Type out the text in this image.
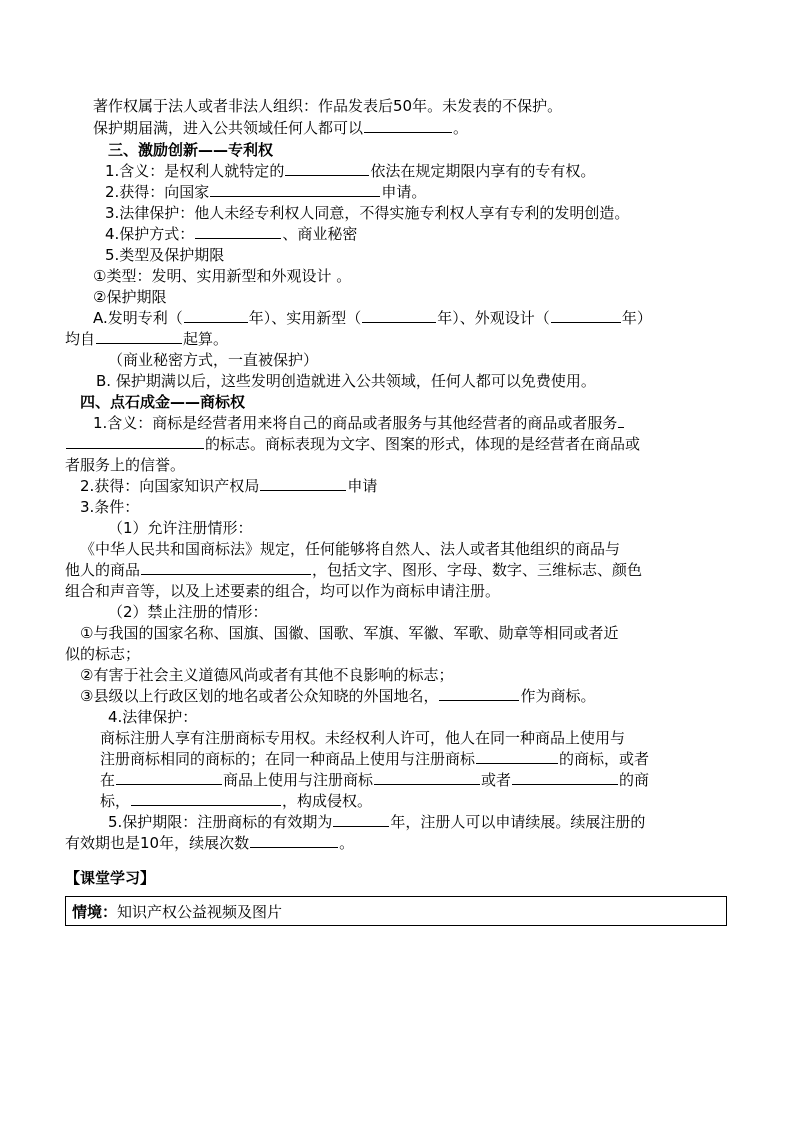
著作权属于法人或者非法人组织：作品发表后50年。未发表的不保护。
保护期届满，进入公共领域任何人都可以	。
三、激励创新——专利权
1.含义：是权利人就特定的	依法在规定期限内享有的专有权。
2.获得：向国家	申请。
3.法律保护：他人未经专利权人同意，不得实施专利权人享有专利的发明创造。
4.保护方式：	、商业秘密
5.类型及保护期限
①类型：发明、实用新型和外观设计 。
②保护期限
A.发明专利（	年）、实用新型（	年）、外观设计（	年）
均自	起算。
（商业秘密方式，一直被保护）
B. 保护期满以后，这些发明创造就进入公共领域，任何人都可以免费使用。
四、点石成金——商标权
1.含义：商标是经营者用来将自己的商品或者服务与其他经营者的商品或者服务
的标志。商标表现为文字、图案的形式，体现的是经营者在商品或
者服务上的信誉。
2.获得：向国家知识产权局	申请
3.条件：
（1）允许注册情形：
《中华人民共和国商标法》规定，任何能够将自然人、法人或者其他组织的商品与
他人的商品	，包括文字、图形、字母、数字、三维标志、颜色
组合和声音等，以及上述要素的组合，均可以作为商标申请注册。
（2）禁止注册的情形：
①与我国的国家名称、国旗、国徽、国歌、军旗、军徽、军歌、勋章等相同或者近
似的标志；
②有害于社会主义道德风尚或者有其他不良影响的标志；
③县级以上行政区划的地名或者公众知晓的外国地名，	作为商标。
4.法律保护：
商标注册人享有注册商标专用权。未经权利人许可，他人在同一种商品上使用与
注册商标相同的商标的；在同一种商品上使用与注册商标	的商标，或者
在	商品上使用与注册商标	或者	的商
标，	，构成侵权。
5.保护期限：注册商标的有效期为	年，注册人可以申请续展。续展注册的
有效期也是10年，续展次数	。
【课堂学习】
情境：知识产权公益视频及图片
